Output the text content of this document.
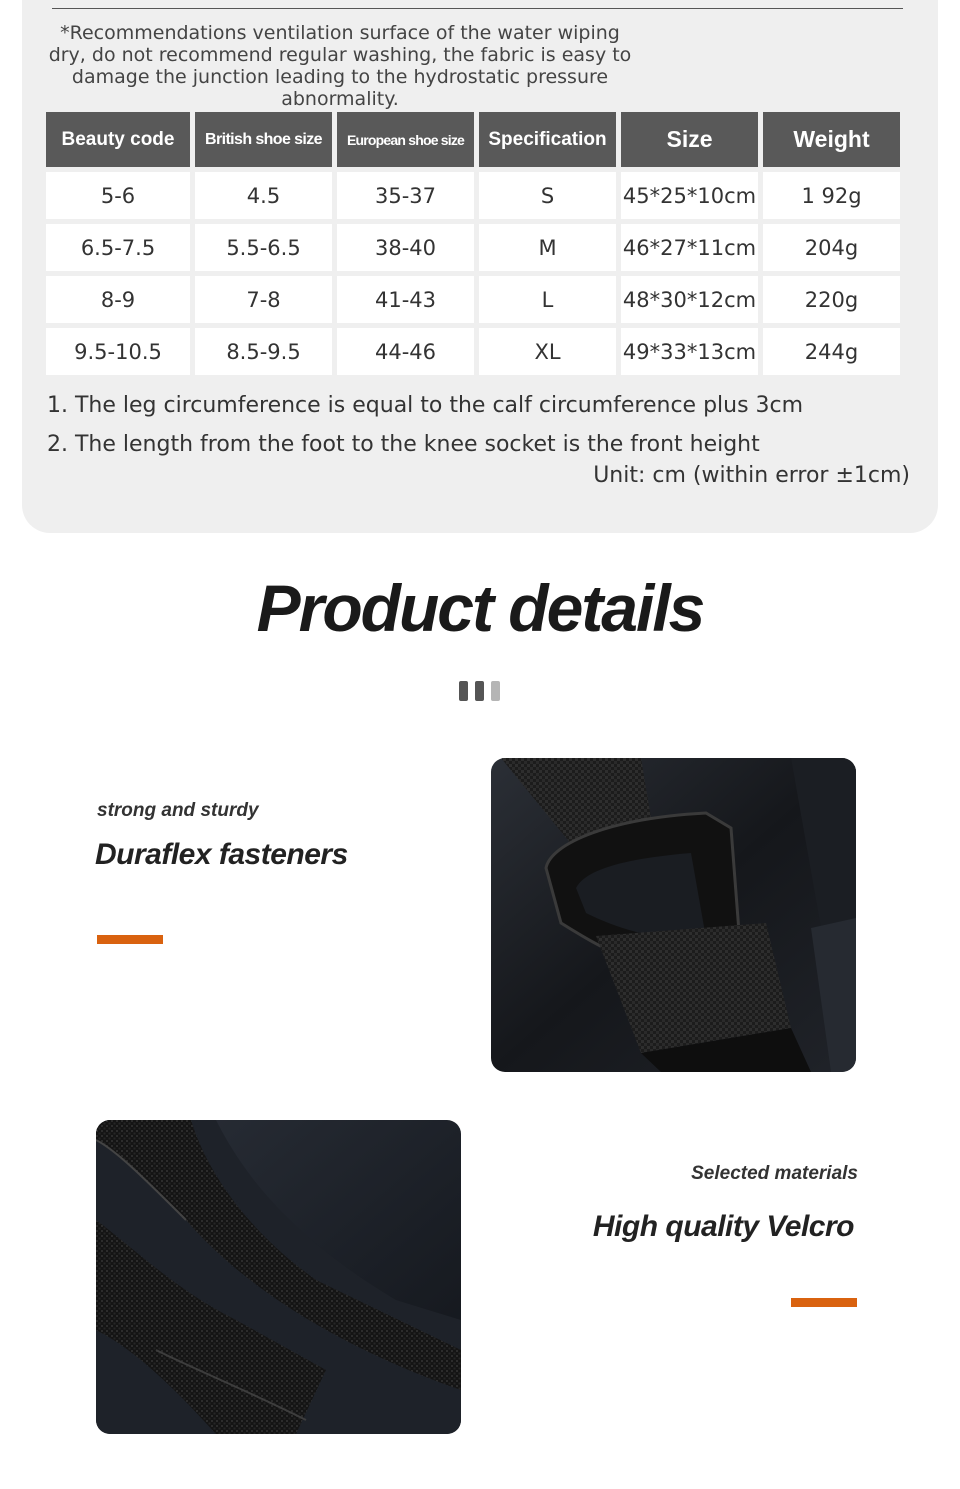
*Recommendations ventilation surface of the water wiping dry, do not recommend regular washing, the fabric is easy to damage the junction leading to the hydrostatic pressure abnormality.
Beauty code	British shoe size	European shoe size	Specification	Size	Weight
5-6	4.5	35-37	S	45*25*10cm	1 92g
6.5-7.5	5.5-6.5	38-40	M	46*27*11cm	204g
8-9	7-8	41-43	L	48*30*12cm	220g
9.5-10.5	8.5-9.5	44-46	XL	49*33*13cm	244g
1. The leg circumference is equal to the calf circumference plus 3cm
2. The length from the foot to the knee socket is the front height
Unit: cm (within error ±1cm)
Product details
strong and sturdy
Duraflex fasteners
Selected materials
High quality Velcro
